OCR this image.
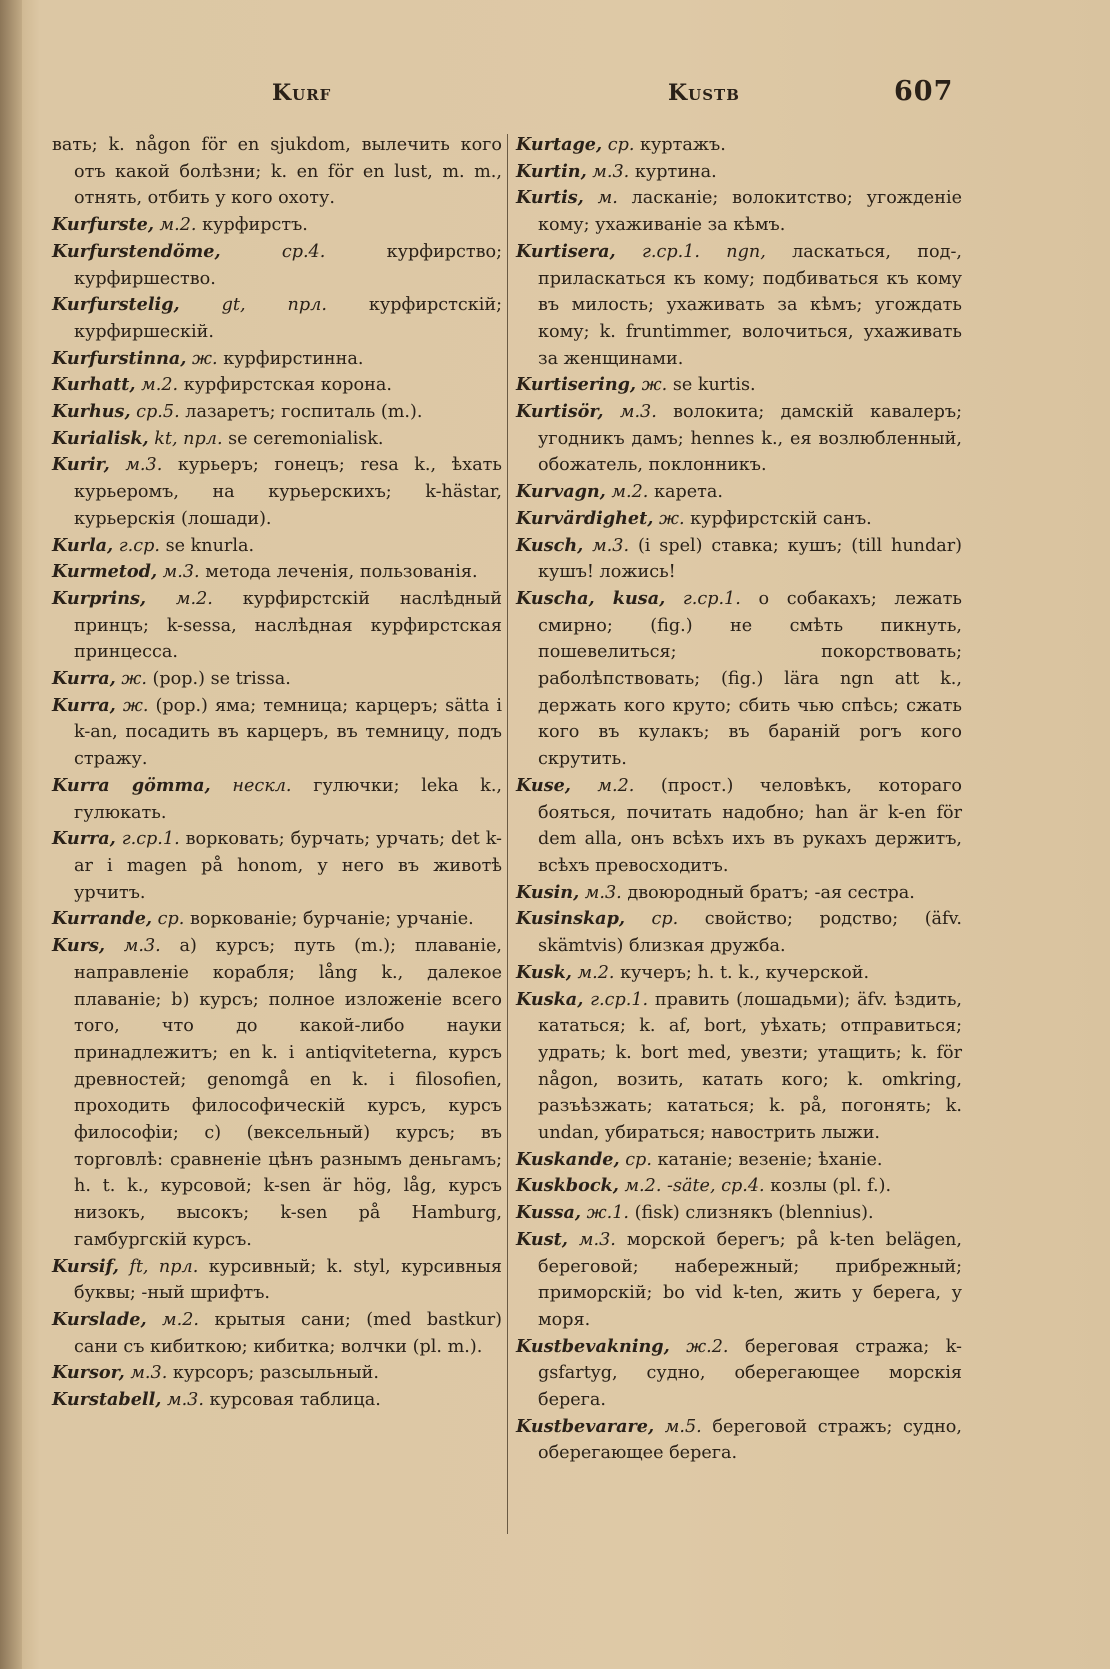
Kurf	Kustb	607

вать; k. någon för en sjukdom, вылечить кого отъ какой болѣзни; k. en för en lust, m. m., отнять, отбить у кого охоту.

Kurfurste, м.2. курфирстъ.

Kurfurstendöme, ср.4. курфирство; курфиршество.

Kurfurstelig, gt, прл. курфирстскій; курфиршескій.

Kurfurstinna, ж. курфирстинна.

Kurhatt, м.2. курфирстская корона.

Kurhus, ср.5. лазаретъ; госпиталь (m.).

Kurialisk, kt, прл. se ceremonialisk.

Kurir, м.3. курьеръ; гонецъ; resa k., ѣхать курьеромъ, на курьерскихъ; k-hästar, курьерскія (лошади).

Kurla, г.ср. se knurla.

Kurmetod, м.3. метода леченія, пользованія.

Kurprins, м.2. курфирстскій наслѣдный принцъ; k-sessa, наслѣдная курфирстская принцесса.

Kurra, ж. (pop.) se trissa.

Kurra, ж. (pop.) яма; темница; карцеръ; sätta i k-an, посадить въ карцеръ, въ темницу, подъ стражу.

Kurra gömma, нескл. гулючки; leka k., гулюкать.

Kurra, г.ср.1. ворковать; бурчать; урчать; det k-ar i magen på honom, у него въ животѣ урчитъ.

Kurrande, ср. воркованіе; бурчаніе; урчаніе.

Kurs, м.3. a) курсъ; путь (m.); плаваніе, направленіе корабля; lång k., далекое плаваніе; b) курсъ; полное изложеніе всего того, что до какой-либо науки принадлежитъ; en k. i antiqviteterna, курсъ древностей; genomgå en k. i filosofien, проходить философическій курсъ, курсъ философіи; c) (вексельный) курсъ; въ торговлѣ: сравненіе цѣнъ разнымъ деньгамъ; h. t. k., курсовой; k-sen är hög, låg, курсъ низокъ, высокъ; k-sen på Hamburg, гамбургскій курсъ.

Kursif, ft, прл. курсивный; k. styl, курсивныя буквы; -ный шрифтъ.

Kurslade, м.2. крытыя сани; (med bastkur) сани съ кибиткою; кибитка; волчки (pl. m.).

Kursor, м.3. курсоръ; разсыльный.

Kurstabell, м.3. курсовая таблица.

Kurtage, ср. куртажъ.

Kurtin, м.3. куртина.

Kurtis, м. ласканіе; волокитство; угожденіе кому; ухаживаніе за кѣмъ.

Kurtisera, г.ср.1. ngn, ласкаться, под-, приласкаться къ кому; подбиваться къ кому въ милость; ухаживать за кѣмъ; угождать кому; k. fruntimmer, волочиться, ухаживать за женщинами.

Kurtisering, ж. se kurtis.

Kurtisör, м.3. волокита; дамскій кавалеръ; угодникъ дамъ; hennes k., ея возлюбленный, обожатель, поклонникъ.

Kurvagn, м.2. карета.

Kurvärdighet, ж. курфирстскій санъ.

Kusch, м.3. (i spel) ставка; кушъ; (till hundar) кушъ! ложись!

Kuscha, kusa, г.ср.1. о собакахъ; лежать смирно; (fig.) не смѣть пикнуть, пошевелиться; покорствовать; раболѣпствовать; (fig.) lära ngn att k., держать кого круто; сбить чью спѣсь; сжать кого въ кулакъ; въ бараній рогъ кого скрутить.

Kuse, м.2. (прост.) человѣкъ, котораго бояться, почитать надобно; han är k-en för dem alla, онъ всѣхъ ихъ въ рукахъ держитъ, всѣхъ превосходитъ.

Kusin, м.3. двоюродный братъ; -ая сестра.

Kusinskap, ср. свойство; родство; (äfv. skämtvis) близкая дружба.

Kusk, м.2. кучеръ; h. t. k., кучерской.

Kuska, г.ср.1. править (лошадьми); äfv. ѣздить, кататься; k. af, bort, уѣхать; отправиться; удрать; k. bort med, увезти; утащить; k. för någon, возить, катать кого; k. omkring, разъѣзжать; кататься; k. på, погонять; k. undan, убираться; навострить лыжи.

Kuskande, ср. катаніе; везеніе; ѣханіе.

Kuskbock, м.2. -säte, ср.4. козлы (pl. f.).

Kussa, ж.1. (fisk) слизнякъ (blennius).

Kust, м.3. морской берегъ; på k-ten belägen, береговой; набережный; прибрежный; приморскій; bo vid k-ten, жить у берега, у моря.

Kustbevakning, ж.2. береговая стража; k-gsfartyg, судно, оберегающее морскія берега.

Kustbevarare, м.5. береговой стражъ; судно, оберегающее берега.
